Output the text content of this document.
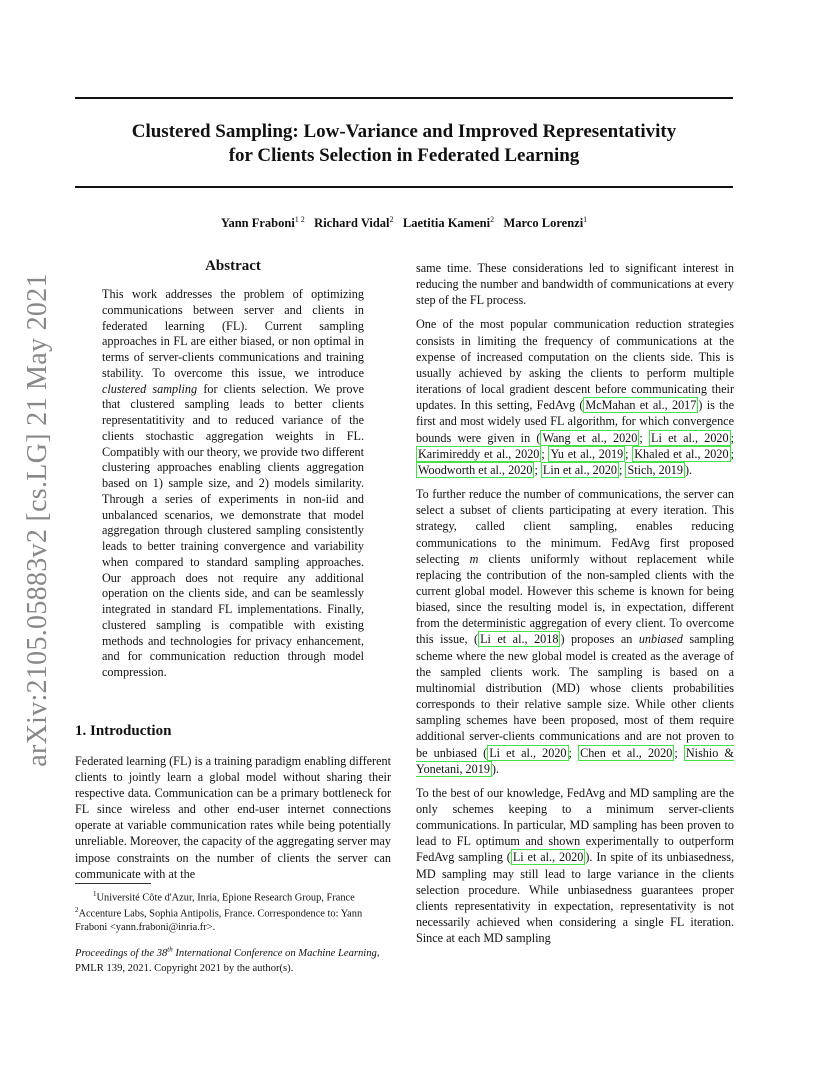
Clustered Sampling: Low-Variance and Improved Representativity
for Clients Selection in Federated Learning
Yann Fraboni$^{1 2}$ Richard Vidal$^2$ Laetitia Kameni$^2$ Marco Lorenzi$^1$
arXiv:2105.05883v2 [cs.LG] 21 May 2021
Abstract
This work addresses the problem of optimizing communications between server and clients in federated learning (FL). Current sampling approaches in FL are either biased, or non optimal in terms of server-clients communications and training stability. To overcome this issue, we introduce clustered sampling for clients selection. We prove that clustered sampling leads to better clients representatitivity and to reduced variance of the clients stochastic aggregation weights in FL. Compatibly with our theory, we provide two different clustering approaches enabling clients aggregation based on 1) sample size, and 2) models similarity. Through a series of experiments in non-iid and unbalanced scenarios, we demonstrate that model aggregation through clustered sampling consistently leads to better training convergence and variability when compared to standard sampling approaches. Our approach does not require any additional operation on the clients side, and can be seamlessly integrated in standard FL implementations. Finally, clustered sampling is compatible with existing methods and technologies for privacy enhancement, and for communication reduction through model compression.
1. Introduction
Federated learning (FL) is a training paradigm enabling different clients to jointly learn a global model without sharing their respective data. Communication can be a primary bottleneck for FL since wireless and other end-user internet connections operate at variable communication rates while being potentially unreliable. Moreover, the capacity of the aggregating server may impose constraints on the number of clients the server can communicate with at the
$^1$Université Côte d'Azur, Inria, Epione Research Group, France
$^2$Accenture Labs, Sophia Antipolis, France. Correspondence to: Yann Fraboni <yann.fraboni@inria.fr>.
Proceedings of the 38th International Conference on Machine Learning, PMLR 139, 2021. Copyright 2021 by the author(s).

same time. These considerations led to significant interest in reducing the number and bandwidth of communications at every step of the FL process.

One of the most popular communication reduction strategies consists in limiting the frequency of communications at the expense of increased computation on the clients side. This is usually achieved by asking the clients to perform multiple iterations of local gradient descent before communicating their updates. In this setting, FedAvg ( McMahan et al., 2017 ) is the first and most widely used FL algorithm, for which convergence bounds were given in ( Wang et al., 2020 ; Li et al., 2020 ; Karimireddy et al., 2020 ; Yu et al., 2019 ; Khaled et al., 2020 ; Woodworth et al., 2020 ; Lin et al., 2020 ; Stich, 2019 ).

To further reduce the number of communications, the server can select a subset of clients participating at every iteration. This strategy, called client sampling, enables reducing communications to the minimum. FedAvg first proposed selecting m clients uniformly without replacement while replacing the contribution of the non-sampled clients with the current global model. However this scheme is known for being biased, since the resulting model is, in expectation, different from the deterministic aggregation of every client. To overcome this issue, ( Li et al., 2018 ) proposes an unbiased sampling scheme where the new global model is created as the average of the sampled clients work. The sampling is based on a multinomial distribution (MD) whose clients probabilities corresponds to their relative sample size. While other clients sampling schemes have been proposed, most of them require additional server-clients communications and are not proven to be unbiased ( Li et al., 2020 ; Chen et al., 2020 ; Nishio & Yonetani, 2019 ).

To the best of our knowledge, FedAvg and MD sampling are the only schemes keeping to a minimum server-clients communications. In particular, MD sampling has been proven to lead to FL optimum and shown experimentally to outperform FedAvg sampling ( Li et al., 2020 ). In spite of its unbiasedness, MD sampling may still lead to large variance in the clients selection procedure. While unbiasedness guarantees proper clients representativity in expectation, representativity is not necessarily achieved when considering a single FL iteration. Since at each MD sampling
